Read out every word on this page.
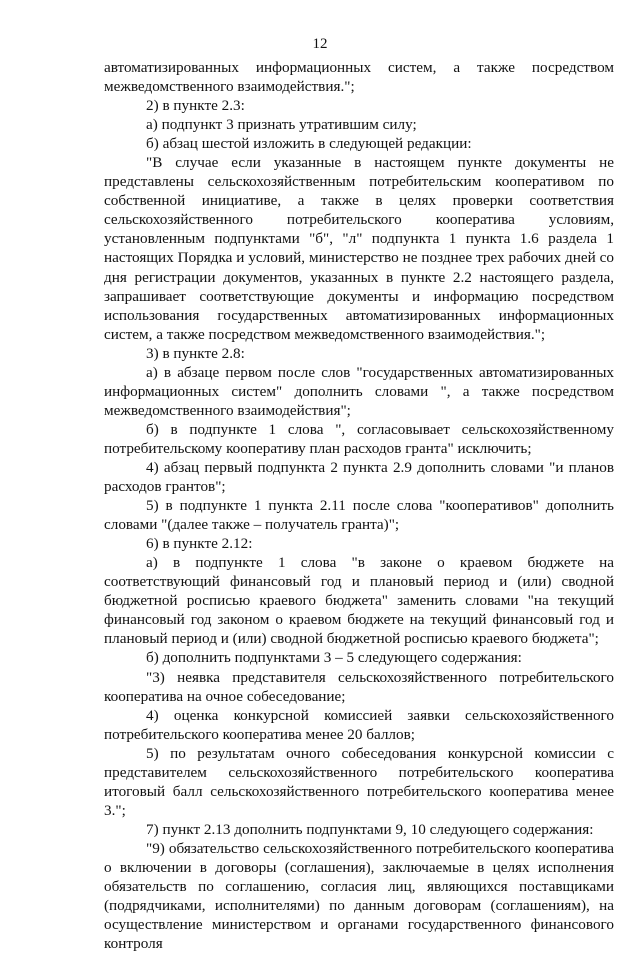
12

автоматизированных информационных систем, а также посредством межведомственного взаимодействия.";

2) в пункте 2.3:

а) подпункт 3 признать утратившим силу;

б) абзац шестой изложить в следующей редакции:

"В случае если указанные в настоящем пункте документы не представлены сельскохозяйственным потребительским кооперативом по собственной инициативе, а также в целях проверки соответствия сельскохозяйственного потребительского кооператива условиям, установленным подпунктами "б", "л" подпункта 1 пункта 1.6 раздела 1 настоящих Порядка и условий, министерство не позднее трех рабочих дней со дня регистрации документов, указанных в пункте 2.2 настоящего раздела, запрашивает соответствующие документы и информацию посредством использования государственных автоматизированных информационных систем, а также посредством межведомственного взаимодействия.";

3) в пункте 2.8:

а) в абзаце первом после слов "государственных автоматизированных информационных систем" дополнить словами ", а также посредством межведомственного взаимодействия";

б) в подпункте 1 слова ", согласовывает сельскохозяйственному потребительскому кооперативу план расходов гранта" исключить;

4) абзац первый подпункта 2 пункта 2.9 дополнить словами "и планов расходов грантов";

5) в подпункте 1 пункта 2.11 после слова "кооперативов" дополнить словами "(далее также – получатель гранта)";

6) в пункте 2.12:

а) в подпункте 1 слова "в законе о краевом бюджете на соответствующий финансовый год и плановый период и (или) сводной бюджетной росписью краевого бюджета" заменить словами "на текущий финансовый год законом о краевом бюджете на текущий финансовый год и плановый период и (или) сводной бюджетной росписью краевого бюджета";

б) дополнить подпунктами 3 – 5 следующего содержания:

"3) неявка представителя сельскохозяйственного потребительского кооператива на очное собеседование;

4) оценка конкурсной комиссией заявки сельскохозяйственного потребительского кооператива менее 20 баллов;

5) по результатам очного собеседования конкурсной комиссии с представителем сельскохозяйственного потребительского кооператива итоговый балл сельскохозяйственного потребительского кооператива менее 3.";

7) пункт 2.13 дополнить подпунктами 9, 10 следующего содержания:

"9) обязательство сельскохозяйственного потребительского кооператива о включении в договоры (соглашения), заключаемые в целях исполнения обязательств по соглашению, согласия лиц, являющихся поставщиками (подрядчиками, исполнителями) по данным договорам (соглашениям), на осуществление министерством и органами государственного финансового контроля
